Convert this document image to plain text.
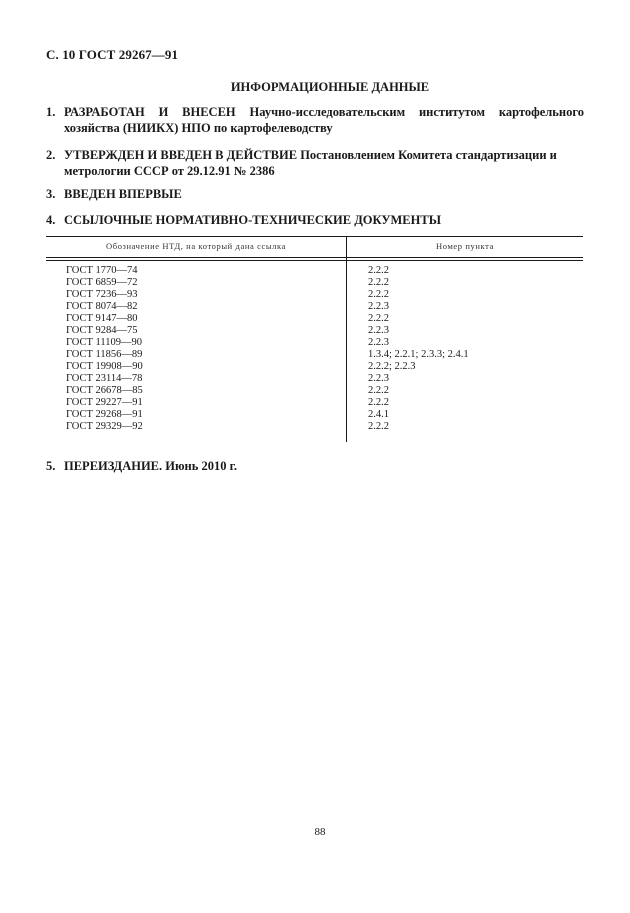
С. 10 ГОСТ 29267—91
ИНФОРМАЦИОННЫЕ ДАННЫЕ
1. РАЗРАБОТАН И ВНЕСЕН Научно-исследовательским институтом картофельного хозяйства (НИИКХ) НПО по картофелеводству
2. УТВЕРЖДЕН И ВВЕДЕН В ДЕЙСТВИЕ Постановлением Комитета стандартизации и метрологии СССР от 29.12.91 № 2386
3. ВВЕДЕН ВПЕРВЫЕ
4. ССЫЛОЧНЫЕ НОРМАТИВНО-ТЕХНИЧЕСКИЕ ДОКУМЕНТЫ
Обозначение НТД, на который дана ссылка	Номер пункта
ГОСТ 1770—74	2.2.2
ГОСТ 6859—72	2.2.2
ГОСТ 7236—93	2.2.2
ГОСТ 8074—82	2.2.3
ГОСТ 9147—80	2.2.2
ГОСТ 9284—75	2.2.3
ГОСТ 11109—90	2.2.3
ГОСТ 11856—89	1.3.4; 2.2.1; 2.3.3; 2.4.1
ГОСТ 19908—90	2.2.2; 2.2.3
ГОСТ 23114—78	2.2.3
ГОСТ 26678—85	2.2.2
ГОСТ 29227—91	2.2.2
ГОСТ 29268—91	2.4.1
ГОСТ 29329—92	2.2.2
5. ПЕРЕИЗДАНИЕ. Июнь 2010 г.
88
